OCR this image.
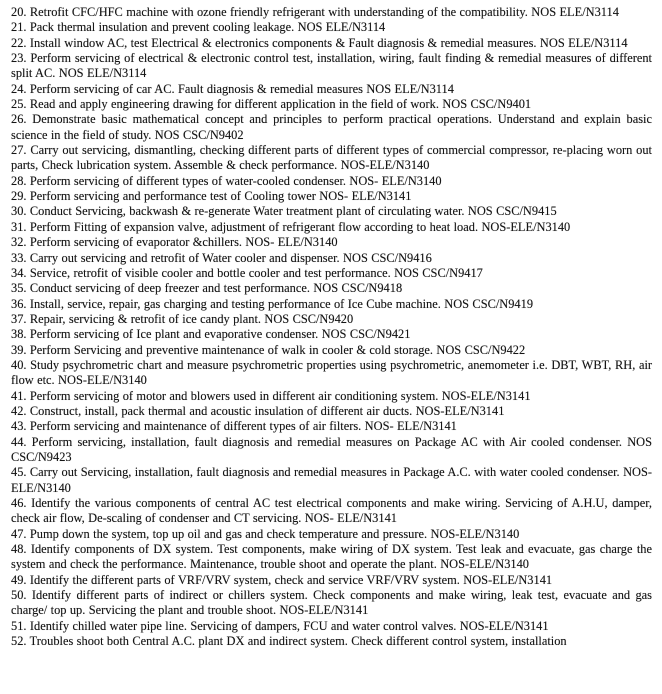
20. Retrofit CFC/HFC machine with ozone friendly refrigerant with understanding of the compatibility. NOS ELE/N3114

21. Pack thermal insulation and prevent cooling leakage. NOS ELE/N3114

22. Install window AC, test Electrical & electronics components & Fault diagnosis & remedial measures. NOS ELE/N3114

23. Perform servicing of electrical & electronic control test, installation, wiring, fault finding & remedial measures of different split AC. NOS ELE/N3114

24. Perform servicing of car AC. Fault diagnosis & remedial measures NOS ELE/N3114

25. Read and apply engineering drawing for different application in the field of work. NOS CSC/N9401

26. Demonstrate basic mathematical concept and principles to perform practical operations. Understand and explain basic science in the field of study. NOS CSC/N9402

27. Carry out servicing, dismantling, checking different parts of different types of commercial compressor, re-placing worn out parts, Check lubrication system. Assemble & check performance. NOS-ELE/N3140

28. Perform servicing of different types of water-cooled condenser. NOS- ELE/N3140

29. Perform servicing and performance test of Cooling tower NOS- ELE/N3141

30. Conduct Servicing, backwash & re-generate Water treatment plant of circulating water. NOS CSC/N9415

31. Perform Fitting of expansion valve, adjustment of refrigerant flow according to heat load. NOS-ELE/N3140

32. Perform servicing of evaporator &chillers. NOS- ELE/N3140

33. Carry out servicing and retrofit of Water cooler and dispenser. NOS CSC/N9416

34. Service, retrofit of visible cooler and bottle cooler and test performance. NOS CSC/N9417

35. Conduct servicing of deep freezer and test performance. NOS CSC/N9418

36. Install, service, repair, gas charging and testing performance of Ice Cube machine. NOS CSC/N9419

37. Repair, servicing & retrofit of ice candy plant. NOS CSC/N9420

38. Perform servicing of Ice plant and evaporative condenser. NOS CSC/N9421

39. Perform Servicing and preventive maintenance of walk in cooler & cold storage. NOS CSC/N9422

40. Study psychrometric chart and measure psychrometric properties using psychrometric, anemometer i.e. DBT, WBT, RH, air flow etc. NOS-ELE/N3140

41. Perform servicing of motor and blowers used in different air conditioning system. NOS-ELE/N3141

42. Construct, install, pack thermal and acoustic insulation of different air ducts. NOS-ELE/N3141

43. Perform servicing and maintenance of different types of air filters. NOS- ELE/N3141

44. Perform servicing, installation, fault diagnosis and remedial measures on Package AC with Air cooled condenser. NOS CSC/N9423

45. Carry out Servicing, installation, fault diagnosis and remedial measures in Package A.C. with water cooled condenser. NOS-ELE/N3140

46. Identify the various components of central AC test electrical components and make wiring. Servicing of A.H.U, damper, check air flow, De-scaling of condenser and CT servicing. NOS- ELE/N3141

47. Pump down the system, top up oil and gas and check temperature and pressure. NOS-ELE/N3140

48. Identify components of DX system. Test components, make wiring of DX system. Test leak and evacuate, gas charge the system and check the performance. Maintenance, trouble shoot and operate the plant. NOS-ELE/N3140

49. Identify the different parts of VRF/VRV system, check and service VRF/VRV system. NOS-ELE/N3141

50. Identify different parts of indirect or chillers system. Check components and make wiring, leak test, evacuate and gas charge/ top up. Servicing the plant and trouble shoot. NOS-ELE/N3141

51. Identify chilled water pipe line. Servicing of dampers, FCU and water control valves. NOS-ELE/N3141

52. Troubles shoot both Central A.C. plant DX and indirect system. Check different control system, installation
